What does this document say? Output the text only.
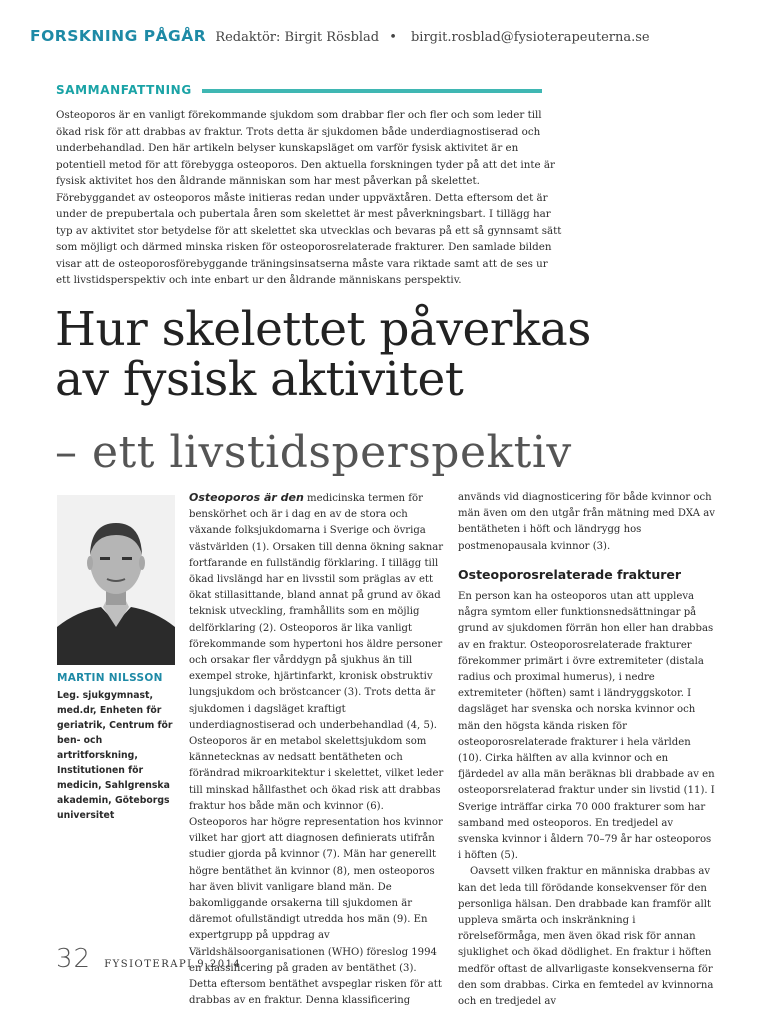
FORSKNING PÅGÅR Redaktör: Birgit Rösblad • birgit.rosblad@fysioterapeuterna.se
SAMMANFATTNING
Osteoporos är en vanligt förekommande sjukdom som drabbar fler och fler och som leder till ökad risk för att drabbas av fraktur. Trots detta är sjukdomen både underdiagnostiserad och underbehandlad. Den här artikeln belyser kunskapsläget om varför fysisk aktivitet är en potentiell metod för att förebygga osteoporos. Den aktuella forskningen tyder på att det inte är fysisk aktivitet hos den åldrande människan som har mest påverkan på skelettet. Förebyggandet av osteoporos måste initieras redan under uppväxtåren. Detta eftersom det är under de prepubertala och pubertala åren som skelettet är mest påverkningsbart. I tillägg har typ av aktivitet stor betydelse för att skelettet ska utvecklas och bevaras på ett så gynnsamt sätt som möjligt och därmed minska risken för osteoporosrelaterade frakturer. Den samlade bilden visar att de osteoporosförebyggande träningsinsatserna måste vara riktade samt att de ses ur ett livstidsperspektiv och inte enbart ur den åldrande människans perspektiv.
Hur skelettet påverkas
av fysisk aktivitet
– ett livstidsperspektiv
MARTIN NILSSON
Leg. sjukgymnast, med.dr, Enheten för geriatrik, Centrum för ben- och artritforskning, Institutionen för medicin, Sahlgrenska akademin, Göteborgs universitet

Osteoporos är den medicinska termen för benskörhet och är i dag en av de stora och växande folksjukdomarna i Sverige och övriga västvärlden (1). Orsaken till denna ökning saknar fortfarande en fullständig förklaring. I tillägg till ökad livslängd har en livsstil som präglas av ett ökat stillasittande, bland annat på grund av ökad teknisk utveckling, framhållits som en möjlig delförklaring (2). Osteoporos är lika vanligt förekommande som hypertoni hos äldre personer och orsakar fler vårddygn på sjukhus än till exempel stroke, hjärtinfarkt, kronisk obstruktiv lungsjukdom och bröstcancer (3). Trots detta är sjukdomen i dagsläget kraftigt underdiagnostiserad och underbehandlad (4, 5). Osteoporos är en metabol skelettsjukdom som kännetecknas av nedsatt bentätheten och förändrad mikroarkitektur i skelettet, vilket leder till minskad hållfasthet och ökad risk att drabbas fraktur hos både män och kvinnor (6). Osteoporos har högre representation hos kvinnor vilket har gjort att diagnosen definierats utifrån studier gjorda på kvinnor (7). Män har generellt högre bentäthet än kvinnor (8), men osteoporos har även blivit vanligare bland män. De bakomliggande orsakerna till sjukdomen är däremot ofullständigt utredda hos män (9). En expertgrupp på uppdrag av Världshälsoorganisationen (WHO) föreslog 1994 en klassificering på graden av bentäthet (3). Detta eftersom bentäthet avspeglar risken för att drabbas av en fraktur. Denna klassificering

används vid diagnosticering för både kvinnor och män även om den utgår från mätning med DXA av bentätheten i höft och ländrygg hos postmenopausala kvinnor (3).

Osteoporosrelaterade frakturer

En person kan ha osteoporos utan att uppleva några symtom eller funktionsnedsättningar på grund av sjukdomen förrän hon eller han drabbas av en fraktur. Osteoporosrelaterade frakturer förekommer primärt i övre extremiteter (distala radius och proximal humerus), i nedre extremiteter (höften) samt i ländryggskotor. I dagsläget har svenska och norska kvinnor och män den högsta kända risken för osteoporosrelaterade frakturer i hela världen (10). Cirka hälften av alla kvinnor och en fjärdedel av alla män beräknas bli drabbade av en osteoporsrelaterad fraktur under sin livstid (11). I Sverige inträffar cirka 70 000 frakturer som har samband med osteoporos. En tredjedel av svenska kvinnor i åldern 70–79 år har osteoporos i höften (5).

Oavsett vilken fraktur en människa drabbas av kan det leda till förödande konsekvenser för den personliga hälsan. Den drabbade kan framför allt uppleva smärta och inskränkning i rörelseförmåga, men även ökad risk för annan sjuklighet och ökad dödlighet. En fraktur i höften medför oftast de allvarligaste konsekvenserna för den som drabbas. Cirka en femtedel av kvinnorna och en tredjedel av

32 FYSIOTERAPI 9.2014
